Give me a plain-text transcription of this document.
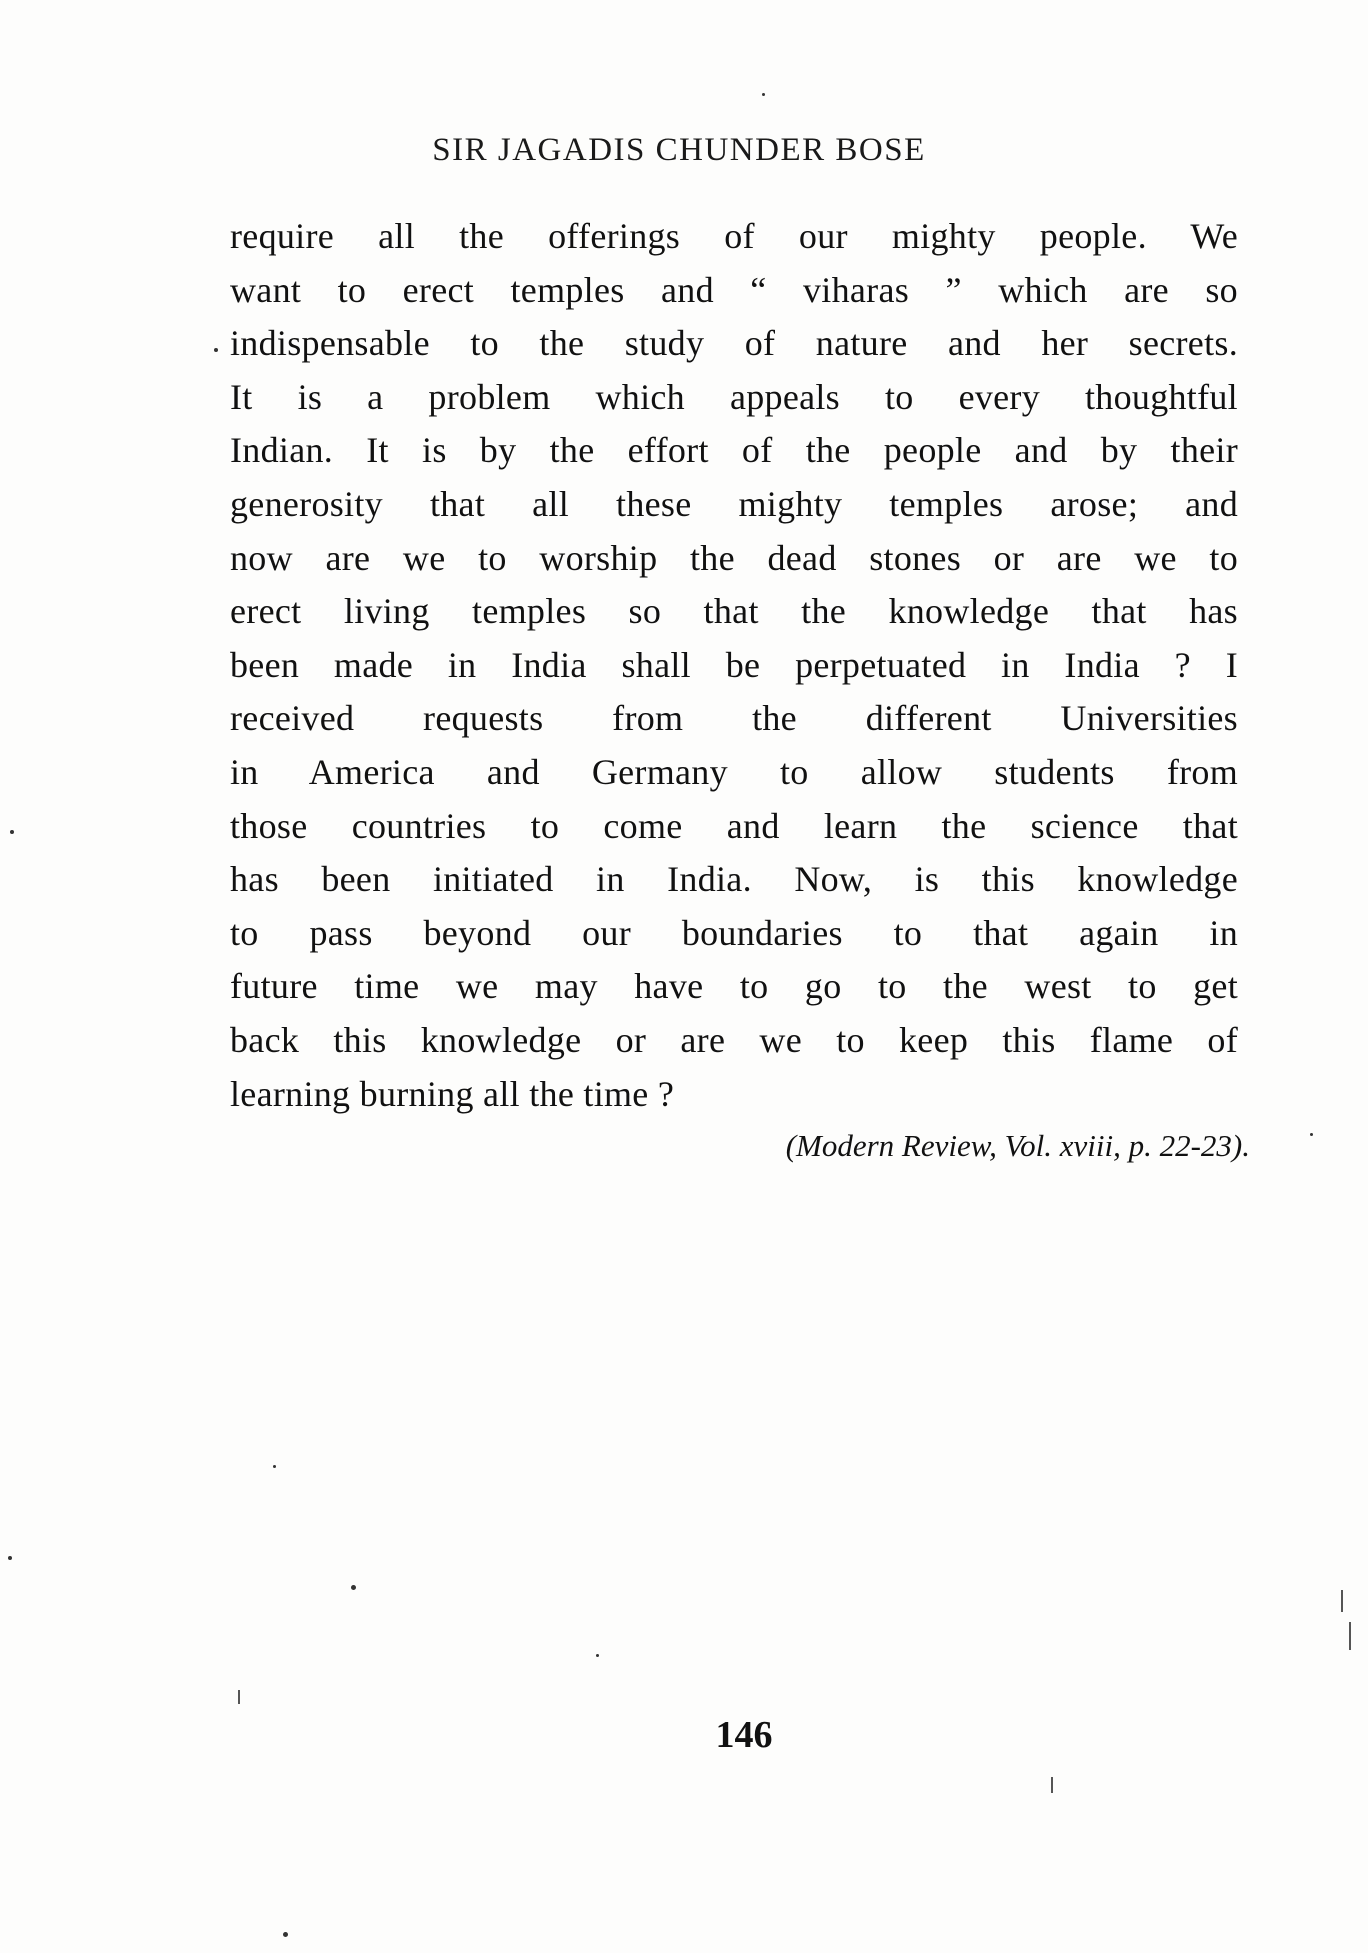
SIR JAGADIS CHUNDER BOSE
require all the offerings of our mighty people. We
want to erect temples and “ viharas ” which are so
indispensable to the study of nature and her secrets.
It is a problem which appeals to every thoughtful
Indian. It is by the effort of the people and by their
generosity that all these mighty temples arose; and
now are we to worship the dead stones or are we to
erect living temples so that the knowledge that has
been made in India shall be perpetuated in India ? I
received requests from the different Universities
in America and Germany to allow students from
those countries to come and learn the science that
has been initiated in India. Now, is this knowledge
to pass beyond our boundaries to that again in
future time we may have to go to the west to get
back this knowledge or are we to keep this flame of
learning burning all the time ?
(Modern Review, Vol. xviii, p. 22-23).
146
